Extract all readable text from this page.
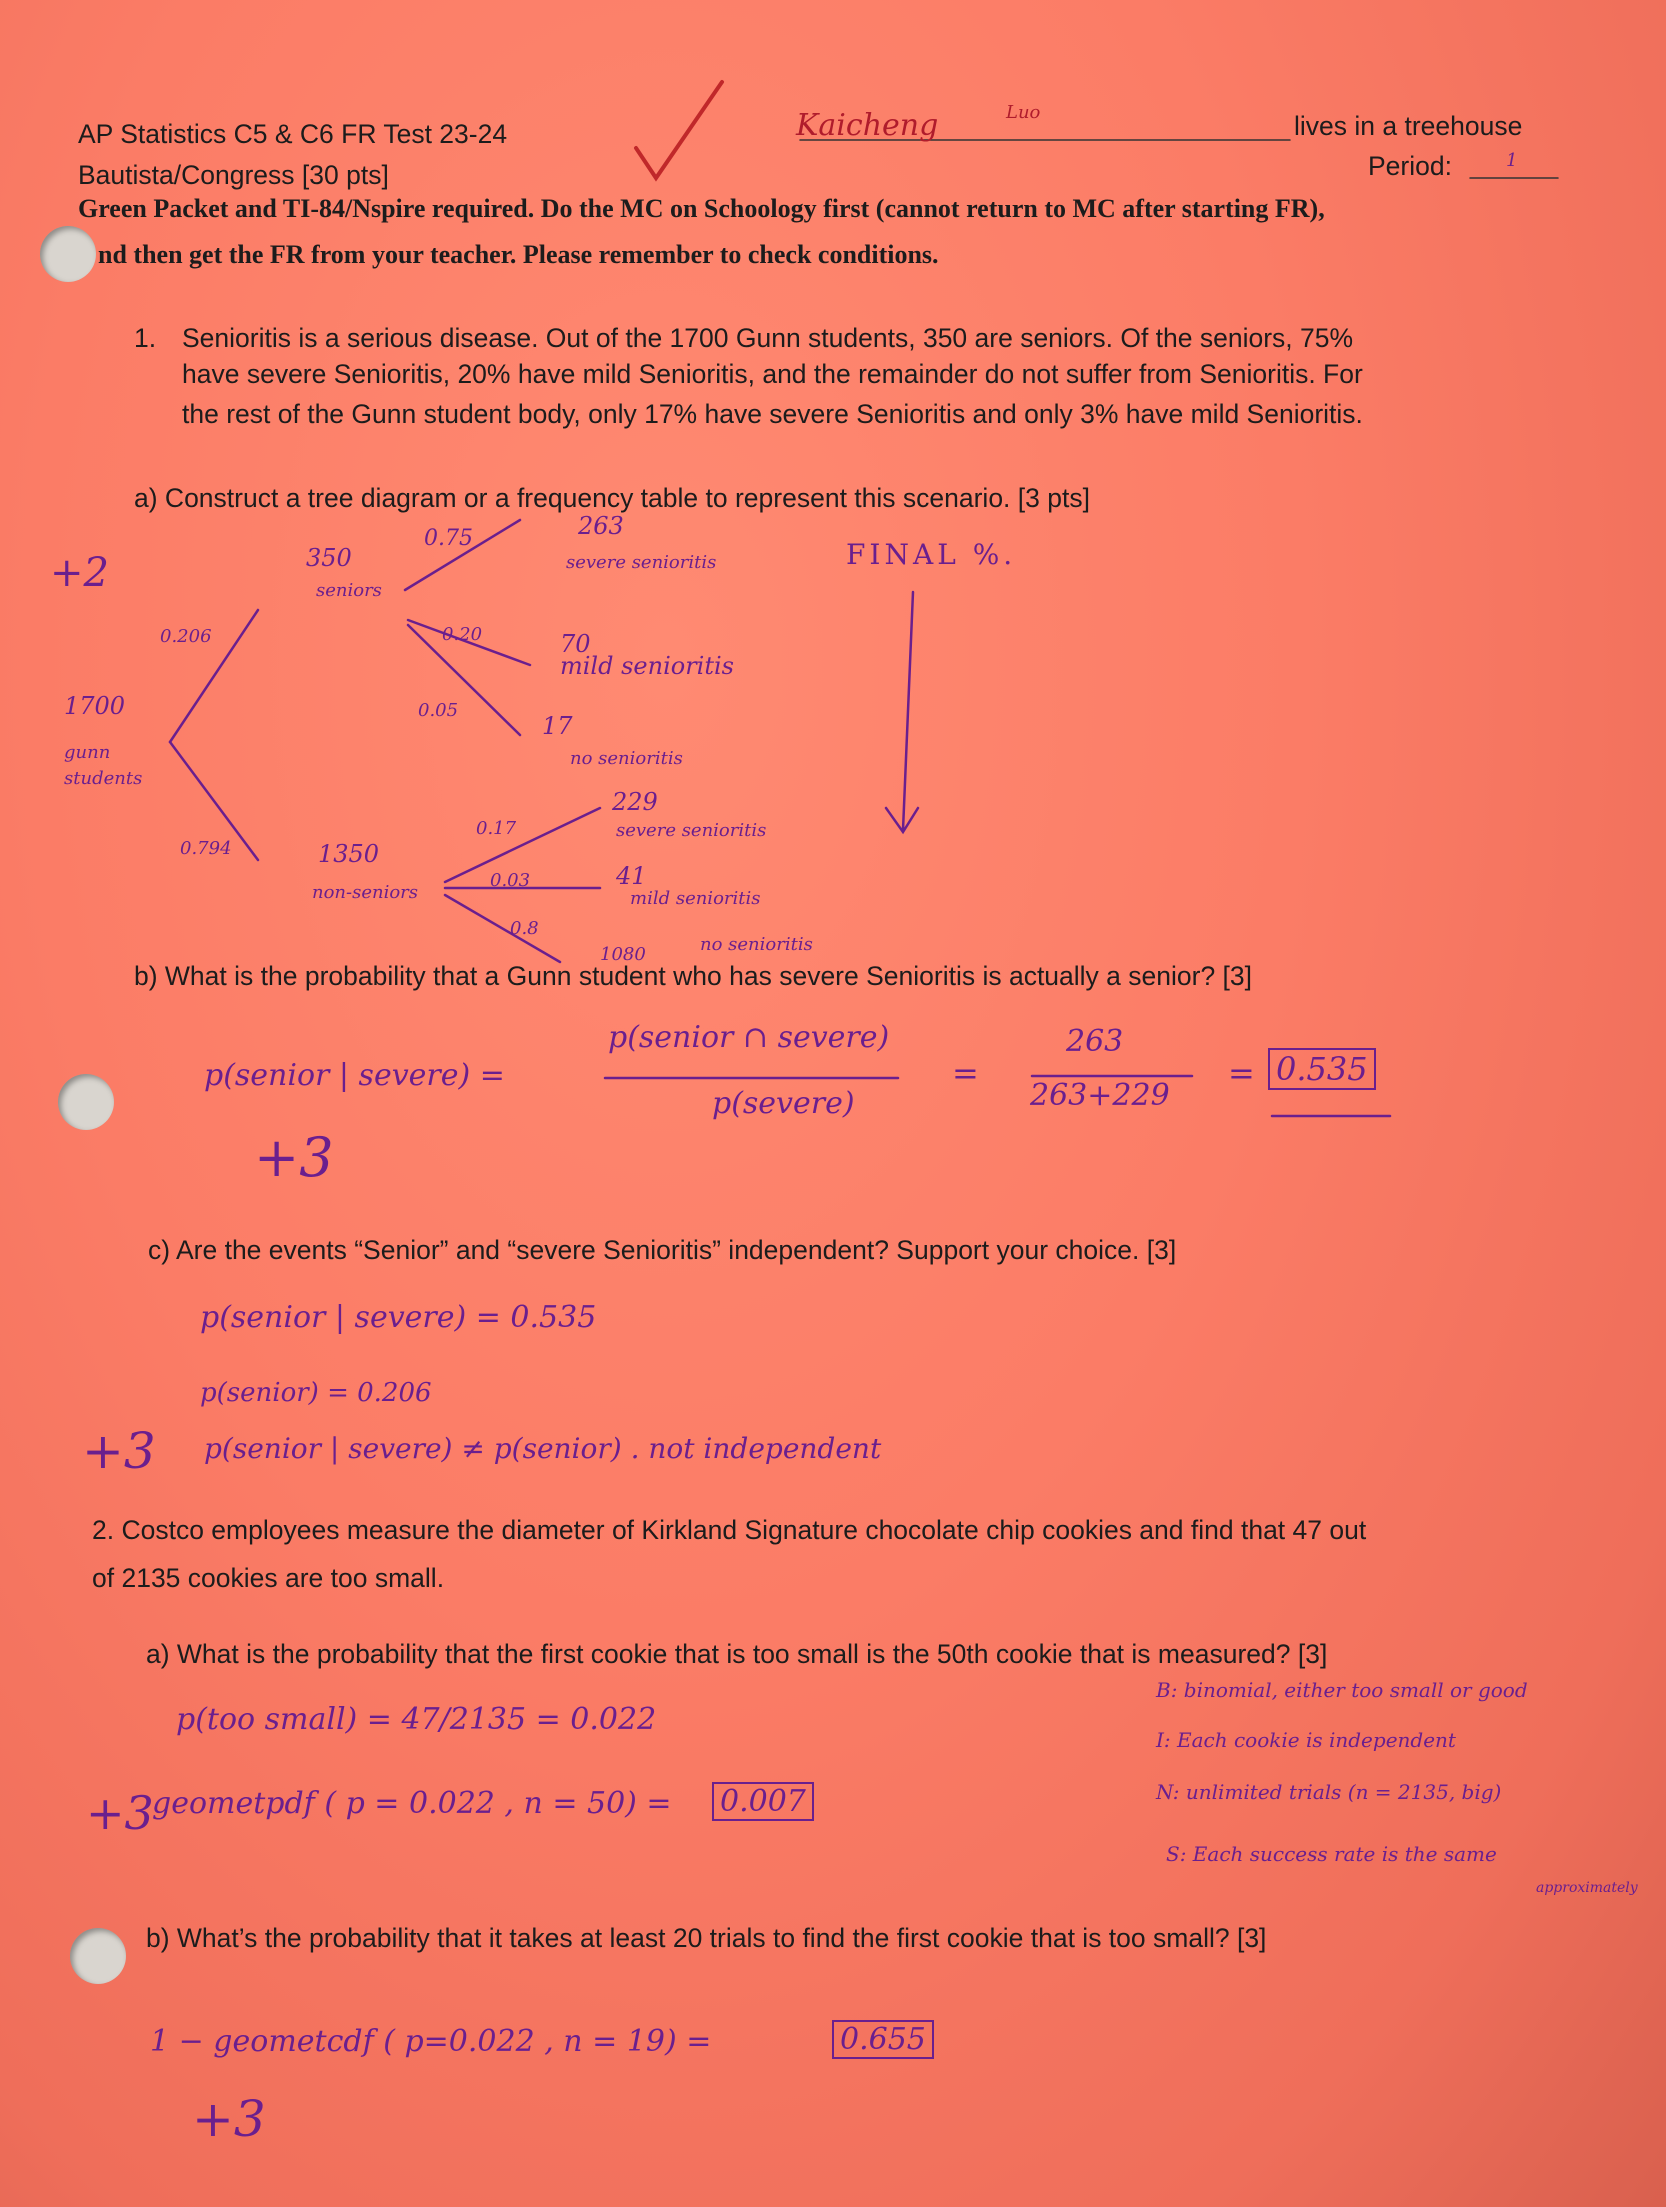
AP Statistics C5 & C6 FR Test 23-24
Bautista/Congress [30 pts]
lives in a treehouse
Period:
Green Packet and TI-84/Nspire required. Do the MC on Schoology first (cannot return to MC after starting FR),
nd then get the FR from your teacher. Please remember to check conditions.
Kaicheng	Luo
1
1. Senioritis is a serious disease. Out of the 1700 Gunn students, 350 are seniors. Of the seniors, 75%
have severe Senioritis, 20% have mild Senioritis, and the remainder do not suffer from Senioritis. For
the rest of the Gunn student body, only 17% have severe Senioritis and only 3% have mild Senioritis.
a) Construct a tree diagram or a frequency table to represent this scenario. [3 pts]
+2	FINAL %.
1700
gunn
students
0.206
0.794
350
seniors
1350
non-seniors
0.75
0.20
0.05
263
severe senioritis
70
mild senioritis
17
no senioritis
0.17
0.03
0.8
229
severe senioritis
41
mild senioritis
1080	no senioritis
b) What is the probability that a Gunn student who has severe Senioritis is actually a senior? [3]
p(senior | severe) =
p(senior ∩ severe)
p(severe)
=
263
263+229
= 0.535
+3
c) Are the events “Senior” and “severe Senioritis” independent? Support your choice. [3]
p(senior | severe) = 0.535
p(senior) = 0.206
+3 p(senior | severe) ≠ p(senior) . not independent
2. Costco employees measure the diameter of Kirkland Signature chocolate chip cookies and find that 47 out
of 2135 cookies are too small.
a) What is the probability that the first cookie that is too small is the 50th cookie that is measured? [3]
p(too small) = 47/2135 = 0.022
+3
geometpdf ( p = 0.022 , n = 50) = 0.007
B: binomial, either too small or good
I: Each cookie is independent
N: unlimited trials (n = 2135, big)
S: Each success rate is the same
approximately
b) What’s the probability that it takes at least 20 trials to find the first cookie that is too small? [3]
1 − geometcdf ( p=0.022 , n = 19) =	0.655
+3
